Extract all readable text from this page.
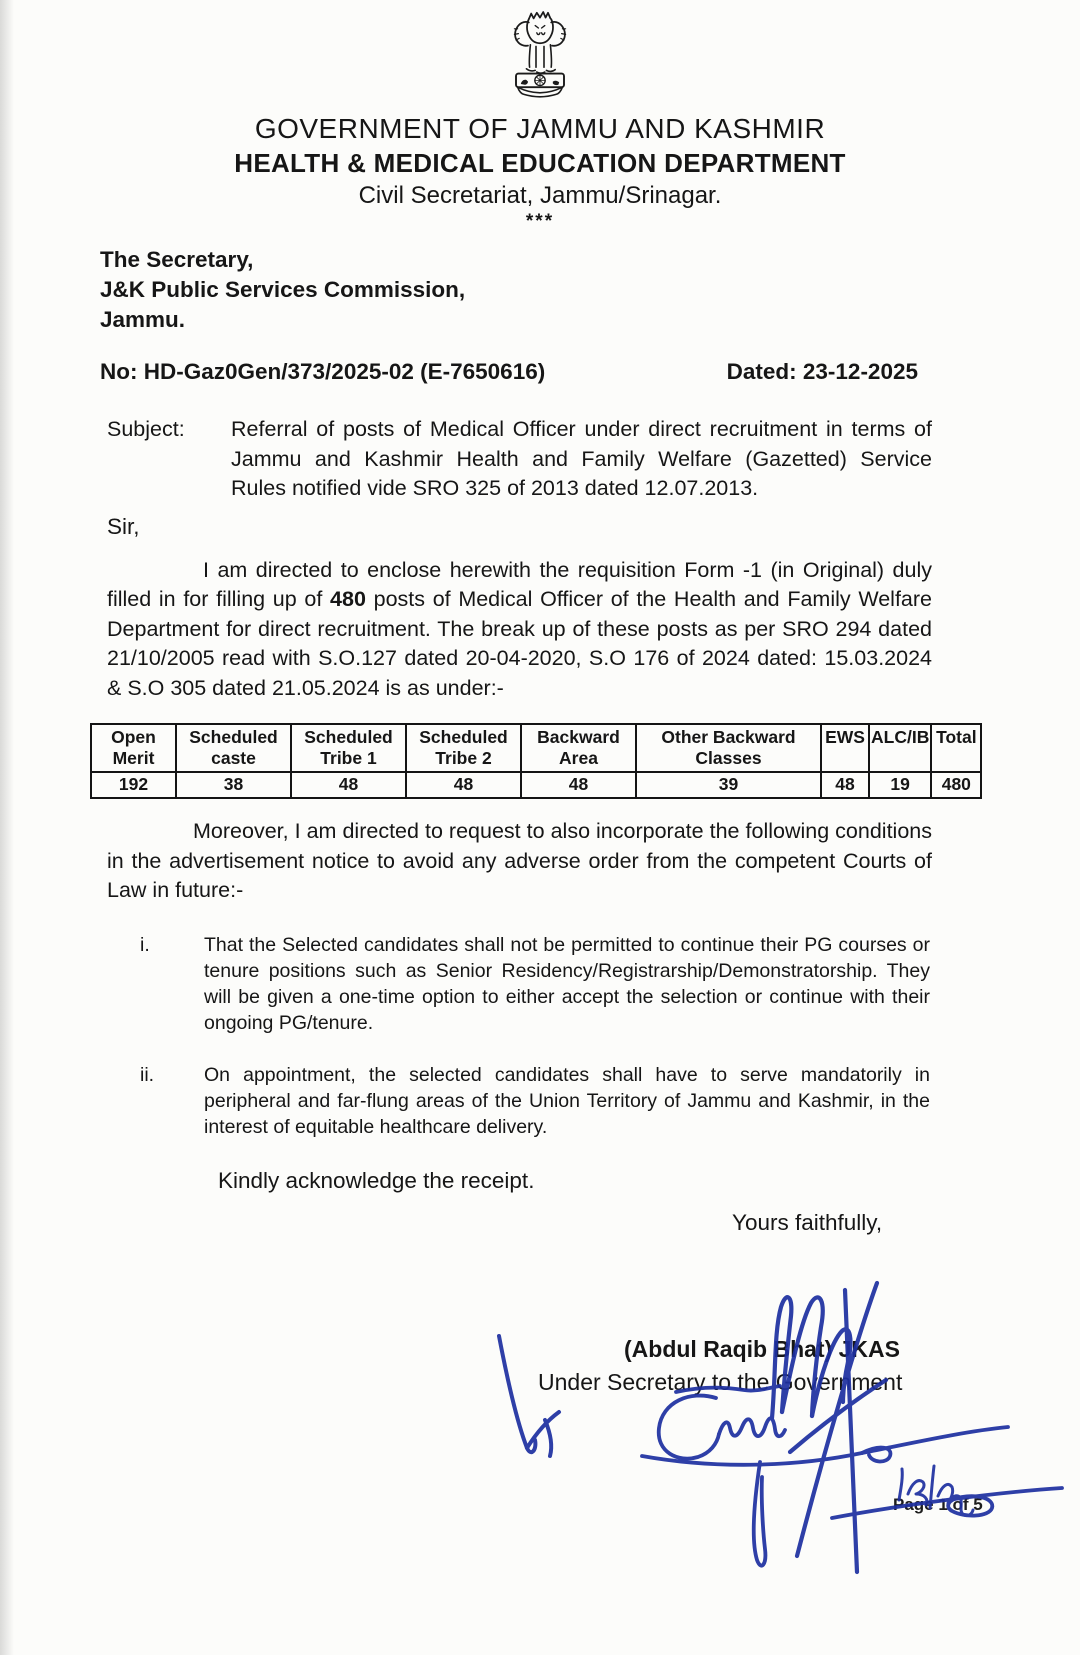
GOVERNMENT OF JAMMU AND KASHMIR
HEALTH & MEDICAL EDUCATION DEPARTMENT
Civil Secretariat, Jammu/Srinagar.
***
The Secretary,
J&K Public Services Commission,
Jammu.
No: HD-Gaz0Gen/373/2025-02 (E-7650616)	Dated: 23-12-2025
Subject:	Referral of posts of Medical Officer under direct recruitment in terms of Jammu and Kashmir Health and Family Welfare (Gazetted) Service Rules notified vide SRO 325 of 2013 dated 12.07.2013.
Sir,

I am directed to enclose herewith the requisition Form -1 (in Original) duly filled in for filling up of 480 posts of Medical Officer of the Health and Family Welfare Department for direct recruitment. The break up of these posts as per SRO 294 dated 21/10/2005 read with S.O.127 dated 20-04-2020, S.O 176 of 2024 dated: 15.03.2024 & S.O 305 dated 21.05.2024 is as under:-

Open Merit	Scheduled caste	Scheduled Tribe 1	Scheduled Tribe 2	Backward Area	Other Backward Classes	EWS	ALC/IB	Total
192	38	48	48	48	39	48	19	480

Moreover, I am directed to request to also incorporate the following conditions in the advertisement notice to avoid any adverse order from the competent Courts of Law in future:-

i.	That the Selected candidates shall not be permitted to continue their PG courses or tenure positions such as Senior Residency/Registrarship/Demonstratorship. They will be given a one-time option to either accept the selection or continue with their ongoing PG/tenure.
ii.	On appointment, the selected candidates shall have to serve mandatorily in peripheral and far-flung areas of the Union Territory of Jammu and Kashmir, in the interest of equitable healthcare delivery.
Kindly acknowledge the receipt.
Yours faithfully,
(Abdul Raqib Bhat) JKAS
Under Secretary to the Government
Page 1 of 5
